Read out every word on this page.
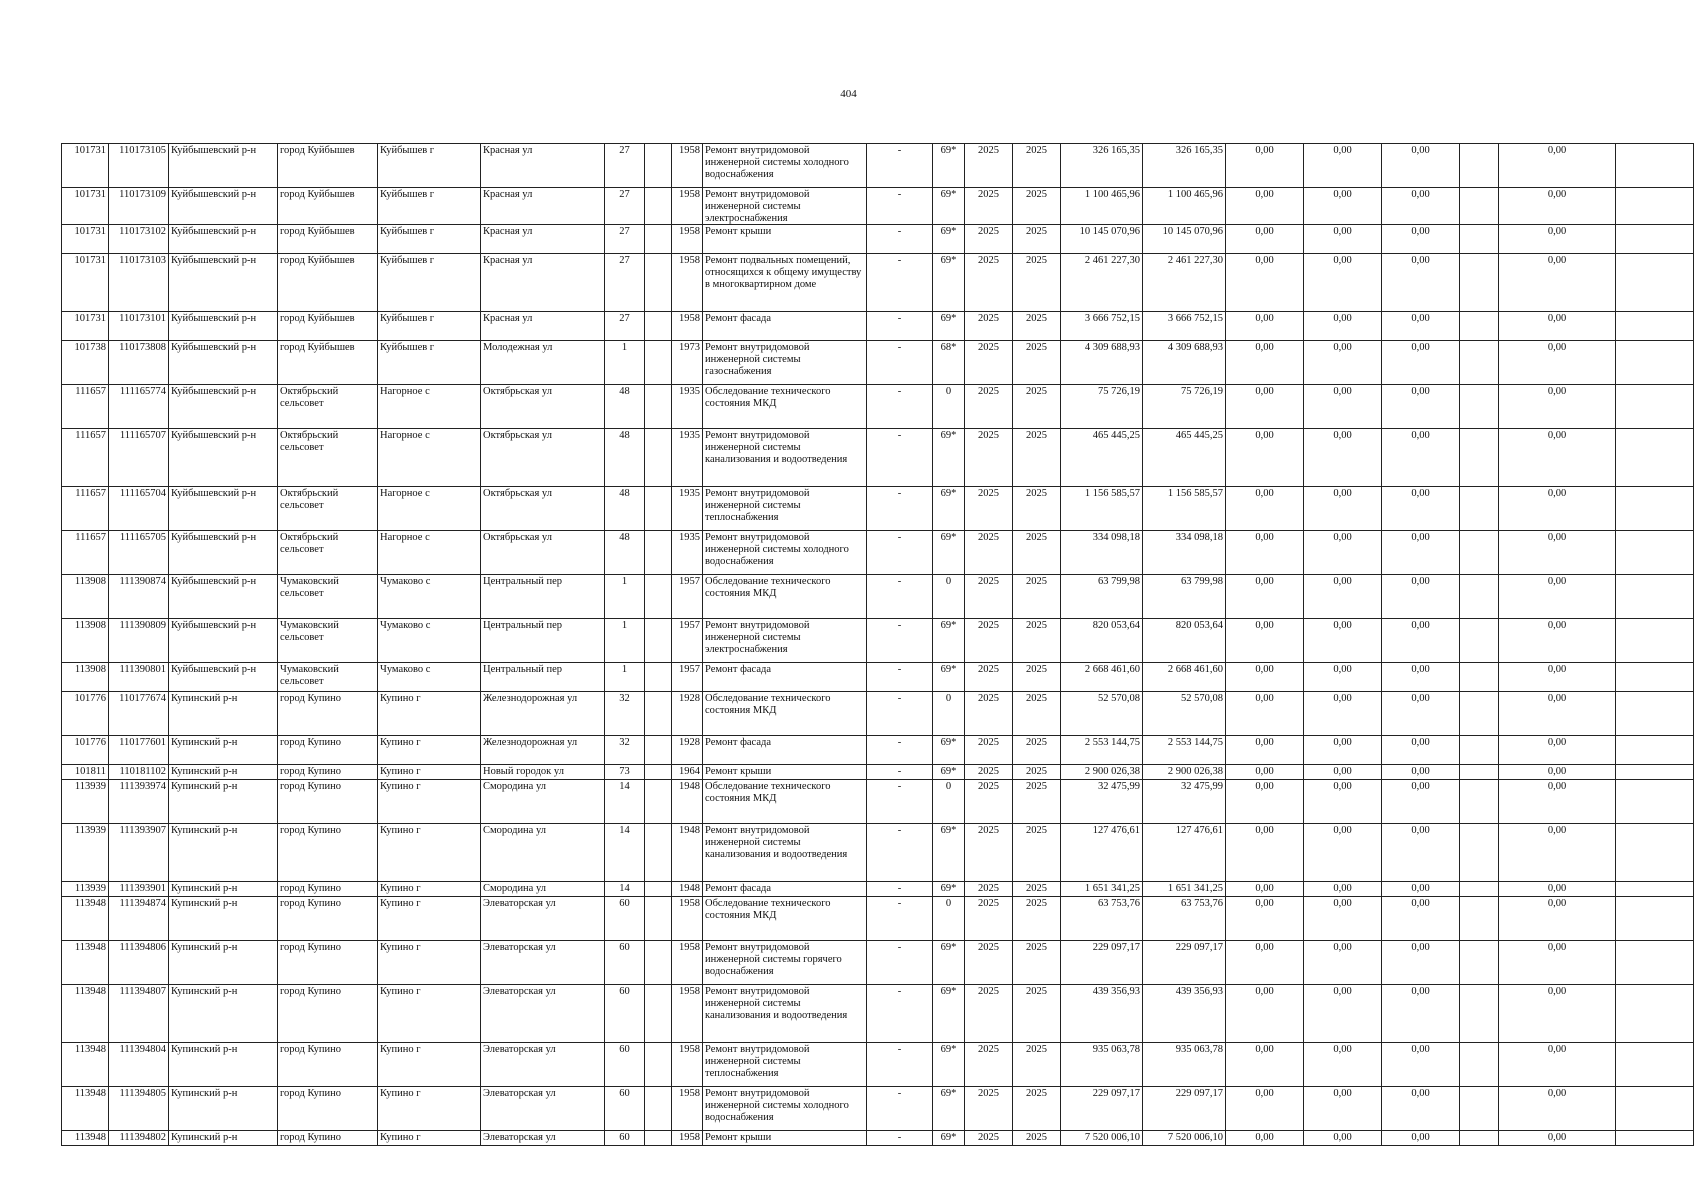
404
101731	110173105	Куйбышевский р-н	город Куйбышев	Куйбышев г	Красная ул	27		1958	Ремонт внутридомовой инженерной системы холодного водоснабжения	-	69*	2025	2025	326 165,35	326 165,35	0,00	0,00	0,00		0,00	
101731	110173109	Куйбышевский р-н	город Куйбышев	Куйбышев г	Красная ул	27		1958	Ремонт внутридомовой инженерной системы электроснабжения	-	69*	2025	2025	1 100 465,96	1 100 465,96	0,00	0,00	0,00		0,00	
101731	110173102	Куйбышевский р-н	город Куйбышев	Куйбышев г	Красная ул	27		1958	Ремонт крыши	-	69*	2025	2025	10 145 070,96	10 145 070,96	0,00	0,00	0,00		0,00	
101731	110173103	Куйбышевский р-н	город Куйбышев	Куйбышев г	Красная ул	27		1958	Ремонт подвальных помещений, относящихся к общему имуществу в многоквартирном доме	-	69*	2025	2025	2 461 227,30	2 461 227,30	0,00	0,00	0,00		0,00	
101731	110173101	Куйбышевский р-н	город Куйбышев	Куйбышев г	Красная ул	27		1958	Ремонт фасада	-	69*	2025	2025	3 666 752,15	3 666 752,15	0,00	0,00	0,00		0,00	
101738	110173808	Куйбышевский р-н	город Куйбышев	Куйбышев г	Молодежная ул	1		1973	Ремонт внутридомовой инженерной системы газоснабжения	-	68*	2025	2025	4 309 688,93	4 309 688,93	0,00	0,00	0,00		0,00	
111657	111165774	Куйбышевский р-н	Октябрьский сельсовет	Нагорное с	Октябрьская ул	48		1935	Обследование технического состояния МКД	-	0	2025	2025	75 726,19	75 726,19	0,00	0,00	0,00		0,00	
111657	111165707	Куйбышевский р-н	Октябрьский сельсовет	Нагорное с	Октябрьская ул	48		1935	Ремонт внутридомовой инженерной системы канализования и водоотведения	-	69*	2025	2025	465 445,25	465 445,25	0,00	0,00	0,00		0,00	
111657	111165704	Куйбышевский р-н	Октябрьский сельсовет	Нагорное с	Октябрьская ул	48		1935	Ремонт внутридомовой инженерной системы теплоснабжения	-	69*	2025	2025	1 156 585,57	1 156 585,57	0,00	0,00	0,00		0,00	
111657	111165705	Куйбышевский р-н	Октябрьский сельсовет	Нагорное с	Октябрьская ул	48		1935	Ремонт внутридомовой инженерной системы холодного водоснабжения	-	69*	2025	2025	334 098,18	334 098,18	0,00	0,00	0,00		0,00	
113908	111390874	Куйбышевский р-н	Чумаковский сельсовет	Чумаково с	Центральный пер	1		1957	Обследование технического состояния МКД	-	0	2025	2025	63 799,98	63 799,98	0,00	0,00	0,00		0,00	
113908	111390809	Куйбышевский р-н	Чумаковский сельсовет	Чумаково с	Центральный пер	1		1957	Ремонт внутридомовой инженерной системы электроснабжения	-	69*	2025	2025	820 053,64	820 053,64	0,00	0,00	0,00		0,00	
113908	111390801	Куйбышевский р-н	Чумаковский сельсовет	Чумаково с	Центральный пер	1		1957	Ремонт фасада	-	69*	2025	2025	2 668 461,60	2 668 461,60	0,00	0,00	0,00		0,00	
101776	110177674	Купинский р-н	город Купино	Купино г	Железнодорожная ул	32		1928	Обследование технического состояния МКД	-	0	2025	2025	52 570,08	52 570,08	0,00	0,00	0,00		0,00	
101776	110177601	Купинский р-н	город Купино	Купино г	Железнодорожная ул	32		1928	Ремонт фасада	-	69*	2025	2025	2 553 144,75	2 553 144,75	0,00	0,00	0,00		0,00	
101811	110181102	Купинский р-н	город Купино	Купино г	Новый городок ул	73		1964	Ремонт крыши	-	69*	2025	2025	2 900 026,38	2 900 026,38	0,00	0,00	0,00		0,00	
113939	111393974	Купинский р-н	город Купино	Купино г	Смородина ул	14		1948	Обследование технического состояния МКД	-	0	2025	2025	32 475,99	32 475,99	0,00	0,00	0,00		0,00	
113939	111393907	Купинский р-н	город Купино	Купино г	Смородина ул	14		1948	Ремонт внутридомовой инженерной системы канализования и водоотведения	-	69*	2025	2025	127 476,61	127 476,61	0,00	0,00	0,00		0,00	
113939	111393901	Купинский р-н	город Купино	Купино г	Смородина ул	14		1948	Ремонт фасада	-	69*	2025	2025	1 651 341,25	1 651 341,25	0,00	0,00	0,00		0,00	
113948	111394874	Купинский р-н	город Купино	Купино г	Элеваторская ул	60		1958	Обследование технического состояния МКД	-	0	2025	2025	63 753,76	63 753,76	0,00	0,00	0,00		0,00	
113948	111394806	Купинский р-н	город Купино	Купино г	Элеваторская ул	60		1958	Ремонт внутридомовой инженерной системы горячего водоснабжения	-	69*	2025	2025	229 097,17	229 097,17	0,00	0,00	0,00		0,00	
113948	111394807	Купинский р-н	город Купино	Купино г	Элеваторская ул	60		1958	Ремонт внутридомовой инженерной системы канализования и водоотведения	-	69*	2025	2025	439 356,93	439 356,93	0,00	0,00	0,00		0,00	
113948	111394804	Купинский р-н	город Купино	Купино г	Элеваторская ул	60		1958	Ремонт внутридомовой инженерной системы теплоснабжения	-	69*	2025	2025	935 063,78	935 063,78	0,00	0,00	0,00		0,00	
113948	111394805	Купинский р-н	город Купино	Купино г	Элеваторская ул	60		1958	Ремонт внутридомовой инженерной системы холодного водоснабжения	-	69*	2025	2025	229 097,17	229 097,17	0,00	0,00	0,00		0,00	
113948	111394802	Купинский р-н	город Купино	Купино г	Элеваторская ул	60		1958	Ремонт крыши	-	69*	2025	2025	7 520 006,10	7 520 006,10	0,00	0,00	0,00		0,00	
